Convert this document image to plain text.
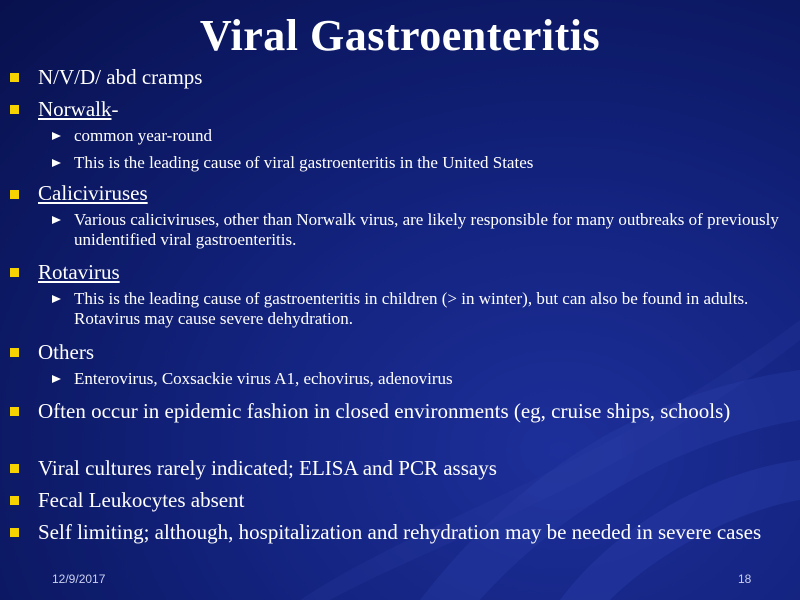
Viral Gastroenteritis

N/V/D/ abd cramps

Norwalk-

common year-round

This is the leading cause of viral gastroenteritis in the United States

Caliciviruses

Various caliciviruses, other than Norwalk virus, are likely responsible for many outbreaks of previously unidentified viral gastroenteritis.

Rotavirus

This is the leading cause of gastroenteritis in children (> in winter), but can also be found in adults. Rotavirus may cause severe dehydration.

Others

Enterovirus, Coxsackie virus A1, echovirus, adenovirus

Often occur in epidemic fashion in closed environments (eg, cruise ships, schools)

Viral cultures rarely indicated; ELISA and PCR assays

Fecal Leukocytes absent

Self limiting; although, hospitalization and rehydration may be needed in severe cases

12/9/2017	18
